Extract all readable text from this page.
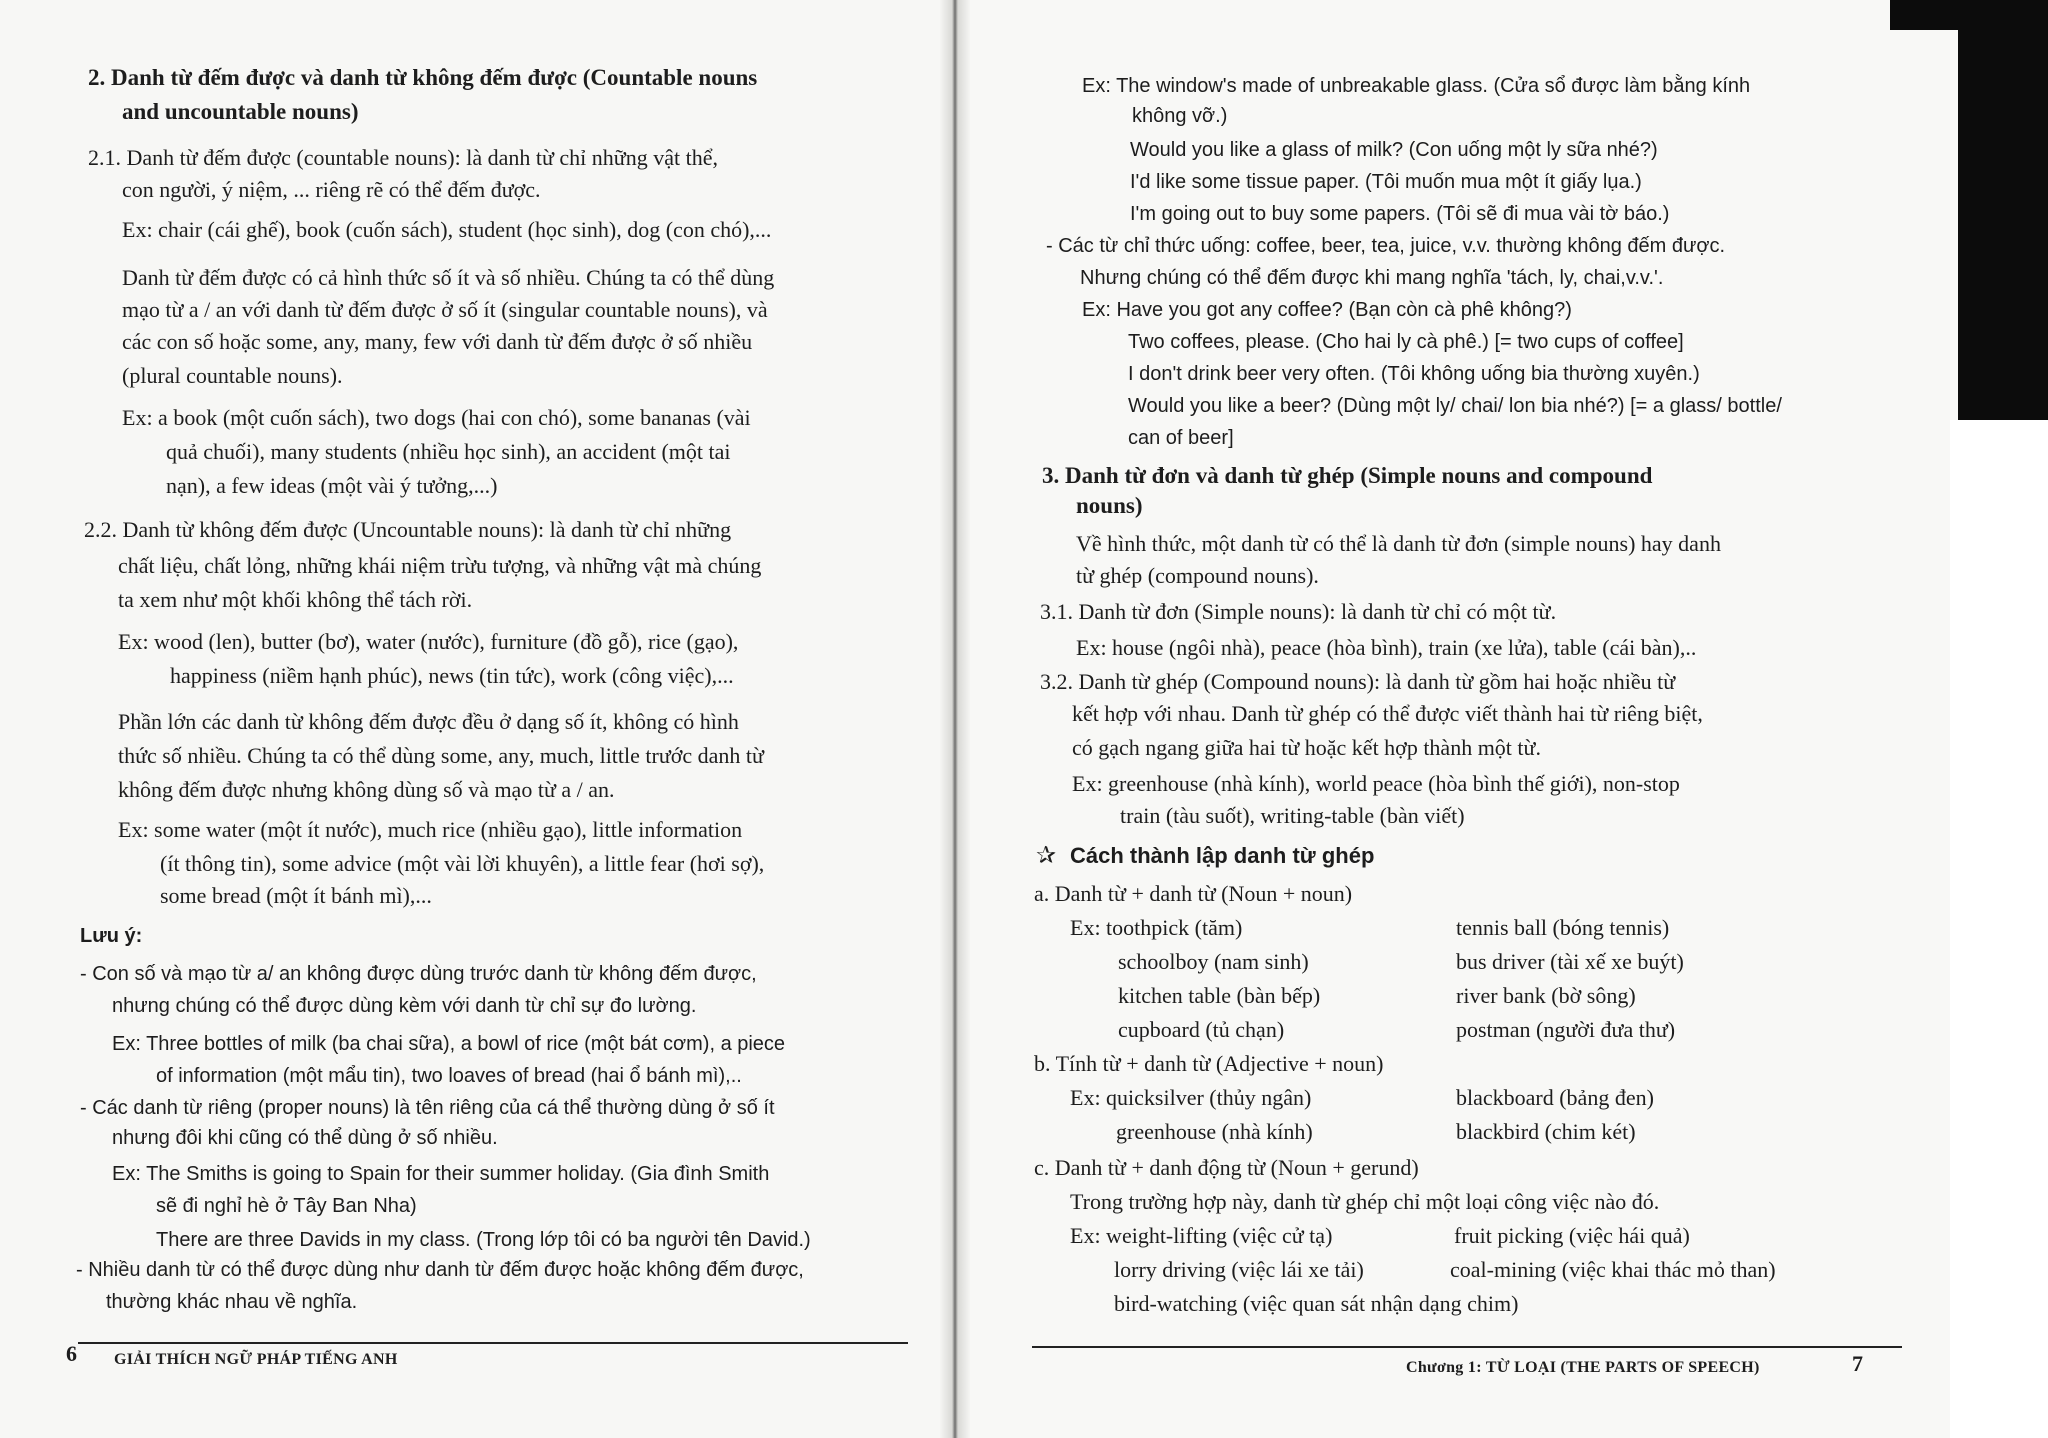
2. Danh từ đếm được và danh từ không đếm được (Countable nouns
and uncountable nouns)
2.1. Danh từ đếm được (countable nouns): là danh từ chỉ những vật thể,
con người, ý niệm, ... riêng rẽ có thể đếm được.
Ex: chair (cái ghế), book (cuốn sách), student (học sinh), dog (con chó),...
Danh từ đếm được có cả hình thức số ít và số nhiều. Chúng ta có thể dùng
mạo từ a / an với danh từ đếm được ở số ít (singular countable nouns), và
các con số hoặc some, any, many, few với danh từ đếm được ở số nhiều
(plural countable nouns).
Ex: a book (một cuốn sách), two dogs (hai con chó), some bananas (vài
quả chuối), many students (nhiều học sinh), an accident (một tai
nạn), a few ideas (một vài ý tưởng,...)
2.2. Danh từ không đếm được (Uncountable nouns): là danh từ chỉ những
chất liệu, chất lỏng, những khái niệm trừu tượng, và những vật mà chúng
ta xem như một khối không thể tách rời.
Ex: wood (len), butter (bơ), water (nước), furniture (đồ gỗ), rice (gạo),
happiness (niềm hạnh phúc), news (tin tức), work (công việc),...
Phần lớn các danh từ không đếm được đều ở dạng số ít, không có hình
thức số nhiều. Chúng ta có thể dùng some, any, much, little trước danh từ
không đếm được nhưng không dùng số và mạo từ a / an.
Ex: some water (một ít nước), much rice (nhiều gạo), little information
(ít thông tin), some advice (một vài lời khuyên), a little fear (hơi sợ),
some bread (một ít bánh mì),...
Lưu ý:
- Con số và mạo từ a/ an không được dùng trước danh từ không đếm được,
nhưng chúng có thể được dùng kèm với danh từ chỉ sự đo lường.
Ex: Three bottles of milk (ba chai sữa), a bowl of rice (một bát cơm), a piece
of information (một mẩu tin), two loaves of bread (hai ổ bánh mì),..
- Các danh từ riêng (proper nouns) là tên riêng của cá thể thường dùng ở số ít
nhưng đôi khi cũng có thể dùng ở số nhiều.
Ex: The Smiths is going to Spain for their summer holiday. (Gia đình Smith
sẽ đi nghỉ hè ở Tây Ban Nha)
There are three Davids in my class. (Trong lớp tôi có ba người tên David.)
- Nhiều danh từ có thể được dùng như danh từ đếm được hoặc không đếm được,
thường khác nhau về nghĩa.
6 GIẢI THÍCH NGỮ PHÁP TIẾNG ANH
Ex: The window's made of unbreakable glass. (Cửa sổ được làm bằng kính
không vỡ.)
Would you like a glass of milk? (Con uống một ly sữa nhé?)
I'd like some tissue paper. (Tôi muốn mua một ít giấy lụa.)
I'm going out to buy some papers. (Tôi sẽ đi mua vài tờ báo.)
- Các từ chỉ thức uống: coffee, beer, tea, juice, v.v. thường không đếm được.
Nhưng chúng có thể đếm được khi mang nghĩa 'tách, ly, chai,v.v.'.
Ex: Have you got any coffee? (Bạn còn cà phê không?)
Two coffees, please. (Cho hai ly cà phê.) [= two cups of coffee]
I don't drink beer very often. (Tôi không uống bia thường xuyên.)
Would you like a beer? (Dùng một ly/ chai/ lon bia nhé?) [= a glass/ bottle/
can of beer]
3. Danh từ đơn và danh từ ghép (Simple nouns and compound
nouns)
Về hình thức, một danh từ có thể là danh từ đơn (simple nouns) hay danh
từ ghép (compound nouns).
3.1. Danh từ đơn (Simple nouns): là danh từ chỉ có một từ.
Ex: house (ngôi nhà), peace (hòa bình), train (xe lửa), table (cái bàn),..
3.2. Danh từ ghép (Compound nouns): là danh từ gồm hai hoặc nhiều từ
kết hợp với nhau. Danh từ ghép có thể được viết thành hai từ riêng biệt,
có gạch ngang giữa hai từ hoặc kết hợp thành một từ.
Ex: greenhouse (nhà kính), world peace (hòa bình thế giới), non-stop
train (tàu suốt), writing-table (bàn viết)
✰ Cách thành lập danh từ ghép
a. Danh từ + danh từ (Noun + noun)
Ex: toothpick (tăm)	tennis ball (bóng tennis)
schoolboy (nam sinh)	bus driver (tài xế xe buýt)
kitchen table (bàn bếp)	river bank (bờ sông)
cupboard (tủ chạn)	postman (người đưa thư)
b. Tính từ + danh từ (Adjective + noun)
Ex: quicksilver (thủy ngân)	blackboard (bảng đen)
greenhouse (nhà kính)	blackbird (chim két)
c. Danh từ + danh động từ (Noun + gerund)
Trong trường hợp này, danh từ ghép chỉ một loại công việc nào đó.
Ex: weight-lifting (việc cử tạ)	fruit picking (việc hái quả)
lorry driving (việc lái xe tải)	coal-mining (việc khai thác mỏ than)
bird-watching (việc quan sát nhận dạng chim)
Chương 1: TỪ LOẠI (THE PARTS OF SPEECH)	7
